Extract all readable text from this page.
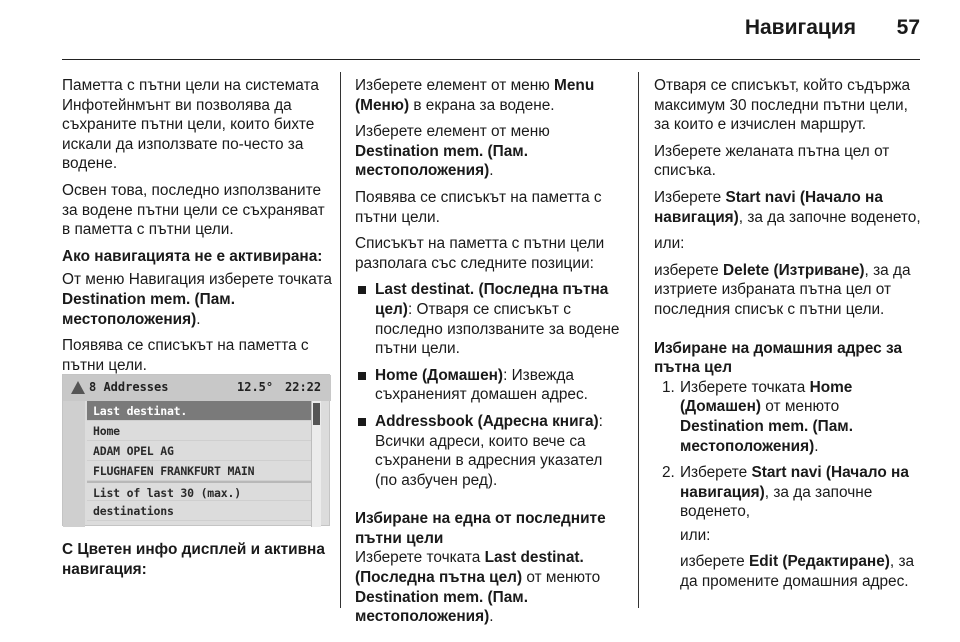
Навигация 57

Паметта с пътни цели на системата Инфотейнмънт ви позволява да съхраните пътни цели, които бихте искали да използвате по-често за водене.

Освен това, последно използваните за водене пътни цели се съхраняват в паметта с пътни цели.

Ако навигацията не е активирана:

От меню Навигация изберете точката Destination mem. (Пам. местоположения).

Появява се списъкът на паметта с пътни цели.

8 Addresses	12.5° 22:22
Last destinat.
Home
ADAM OPEL AG
FLUGHAFEN FRANKFURT MAIN
List of last 30 (max.)
destinations

С Цветен инфо дисплей и активна навигация:

Изберете елемент от меню Menu (Меню) в екрана за водене.

Изберете елемент от меню Destination mem. (Пам. местоположения).

Появява се списъкът на паметта с пътни цели.

Списъкът на паметта с пътни цели разполага със следните позиции:

Last destinat. (Последна пътна цел): Отваря се списъкът с последно използваните за водене пътни цели.
Home (Домашен): Извежда съхраненият домашен адрес.
Addressbook (Адресна книга): Всички адреси, които вече са съхранени в адресния указател (по азбучен ред).
Избиране на една от последните пътни цели

Изберете точката Last destinat. (Последна пътна цел) от менюто Destination mem. (Пам. местоположения).

Отваря се списъкът, който съдържа максимум 30 последни пътни цели, за които е изчислен маршрут.

Изберете желаната пътна цел от списъка.

Изберете Start navi (Начало на навигация), за да започне воденето,

или:

изберете Delete (Изтриване), за да изтриете избраната пътна цел от последния списък с пътни цели.

Избиране на домашния адрес за пътна цел
1. Изберете точката Home (Домашен) от менюто Destination mem. (Пам. местоположения).
2. Изберете Start navi (Начало на навигация), за да започне воденето,

или:

изберете Edit (Редактиране), за да промените домашния адрес.
